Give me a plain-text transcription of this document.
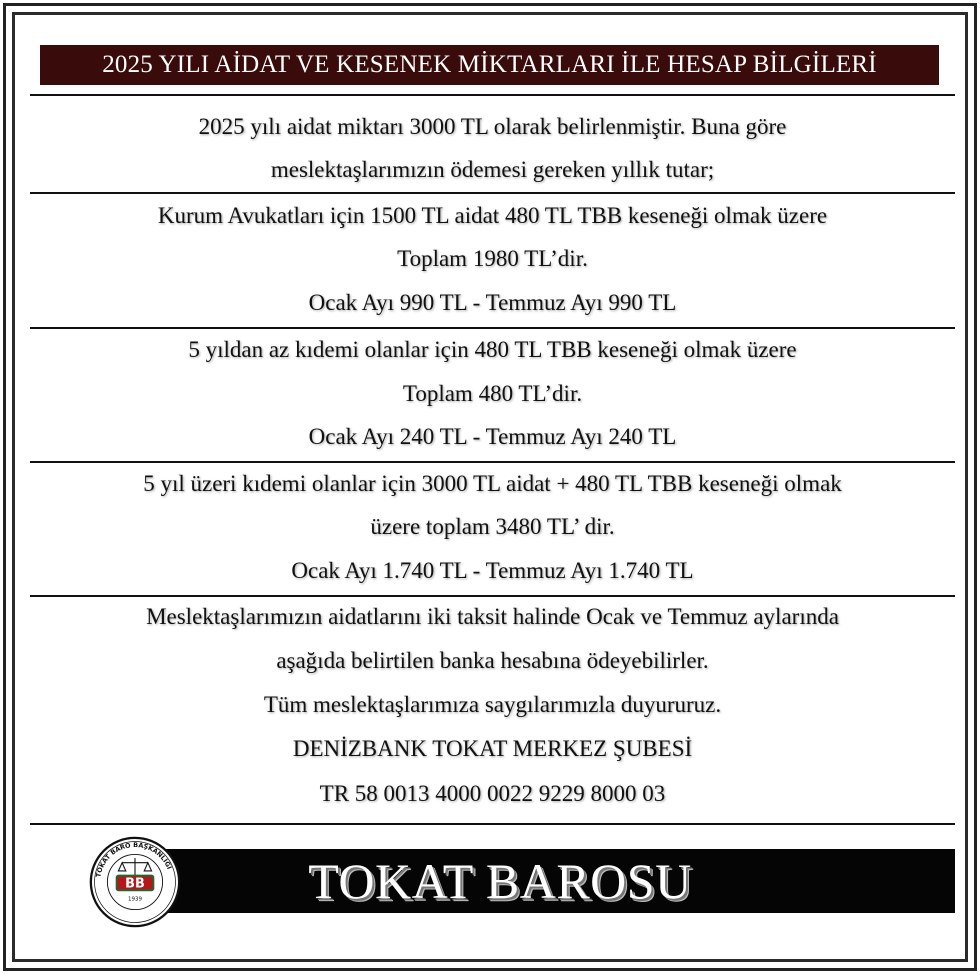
2025 YILI AİDAT VE KESENEK MİKTARLARI İLE HESAP BİLGİLERİ
2025 yılı aidat miktarı 3000 TL olarak belirlenmiştir. Buna göre
meslektaşlarımızın ödemesi gereken yıllık tutar;
Kurum Avukatları için 1500 TL aidat 480 TL TBB keseneği olmak üzere
Toplam 1980 TL’dir.
Ocak Ayı 990 TL - Temmuz Ayı 990 TL
5 yıldan az kıdemi olanlar için 480 TL TBB keseneği olmak üzere
Toplam 480 TL’dir.
Ocak Ayı 240 TL - Temmuz Ayı 240 TL
5 yıl üzeri kıdemi olanlar için 3000 TL aidat + 480 TL TBB keseneği olmak
üzere toplam 3480 TL’ dir.
Ocak Ayı 1.740 TL - Temmuz Ayı 1.740 TL
Meslektaşlarımızın aidatlarını iki taksit halinde Ocak ve Temmuz aylarında
aşağıda belirtilen banka hesabına ödeyebilirler.
Tüm meslektaşlarımıza saygılarımızla duyururuz.
DENİZBANK TOKAT MERKEZ ŞUBESİ
TR 58 0013 4000 0022 9229 8000 03
TOKAT BAROSU
TOKAT BARO BAŞKANLIĞI
BB
1939
